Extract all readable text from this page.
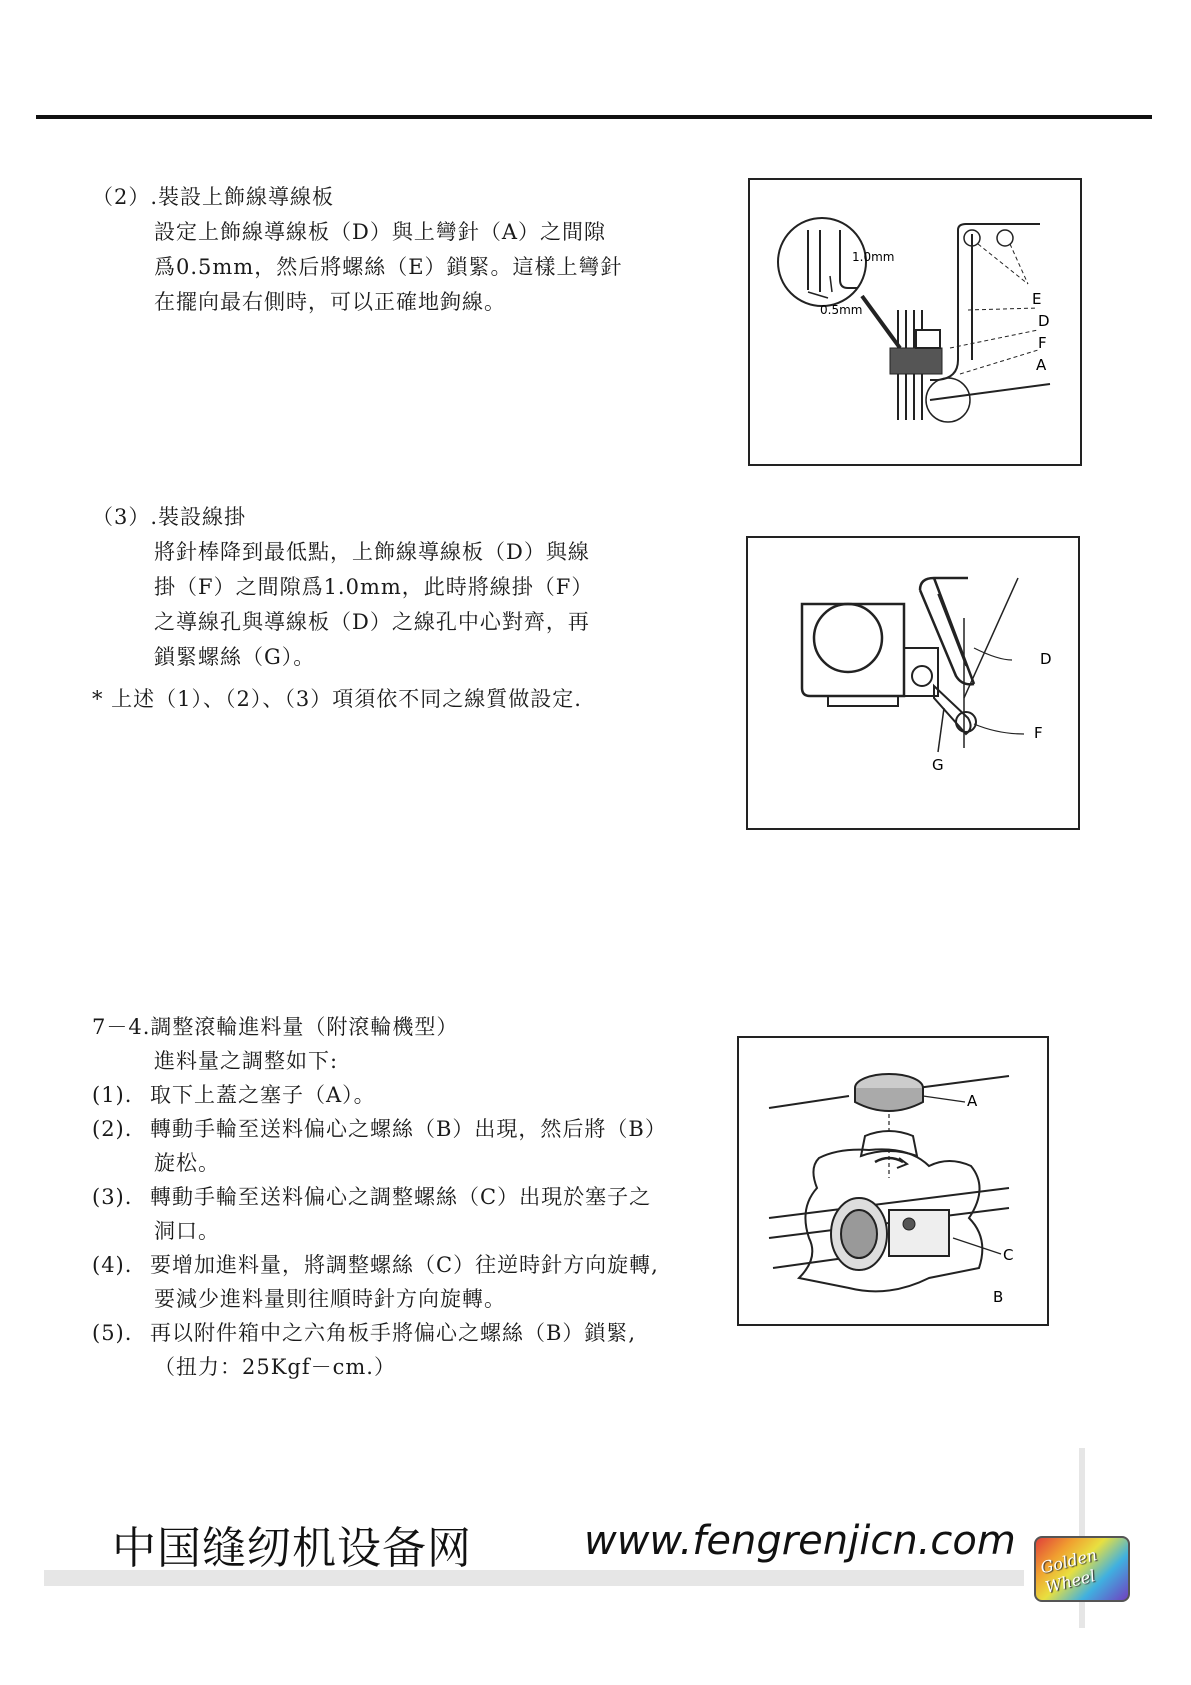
（2）.裝設上飾線導線板
設定上飾線導線板（D）與上彎針（A）之間隙
爲0.5mm，然后將螺絲（E）鎖緊。這樣上彎針
在擺向最右側時，可以正確地鉤線。
1.0mm
0.5mm
E
D
F
A
（3）.裝設線掛
將針棒降到最低點，上飾線導線板（D）與線
掛（F）之間隙爲1.0mm，此時將線掛（F）
之導線孔與導線板（D）之線孔中心對齊，再
鎖緊螺絲（G）。
* 上述（1）、（2）、（3）項須依不同之線質做設定.
D
F
G
7－4.調整滾輪進料量（附滾輪機型）
進料量之調整如下:
(1). 取下上蓋之塞子（A）。
(2). 轉動手輪至送料偏心之螺絲（B）出現，然后將（B）
旋松。
(3). 轉動手輪至送料偏心之調整螺絲（C）出現於塞子之
洞口。
(4). 要增加進料量，將調整螺絲（C）往逆時針方向旋轉,
要減少進料量則往順時針方向旋轉。
(5). 再以附件箱中之六角板手將偏心之螺絲（B）鎖緊,
（扭力：25Kgf－cm.）
A
C
B
中国缝纫机设备网	www.fengrenjicn.com Golden Wheel
